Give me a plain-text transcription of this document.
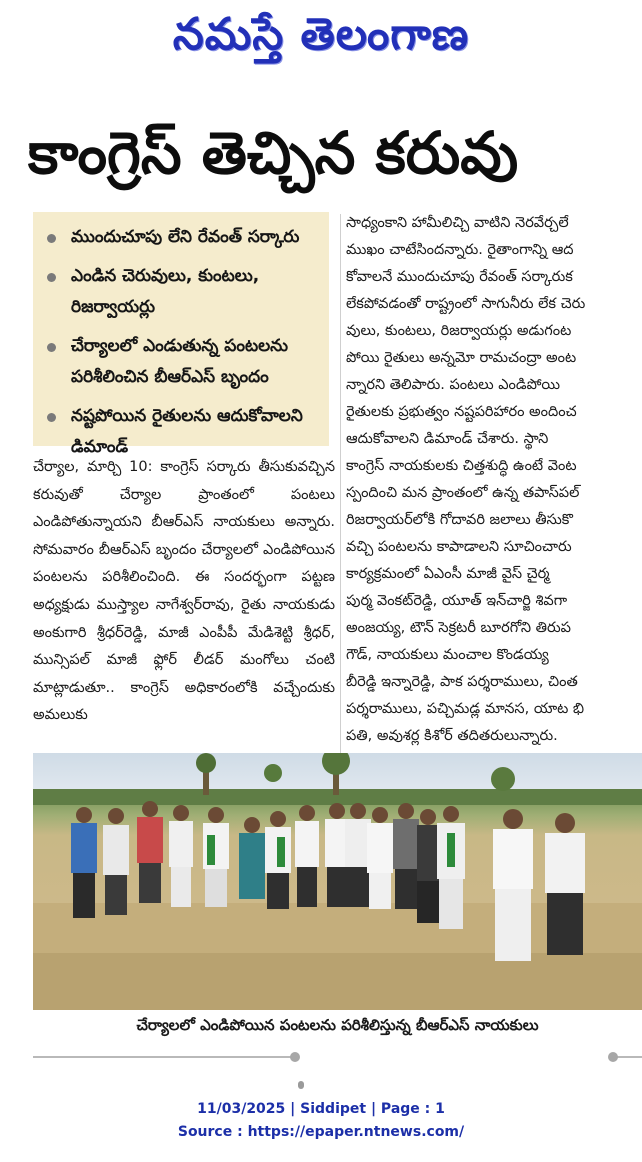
నమస్తే తెలంగాణ
కాంగ్రెస్ తెచ్చిన కరువు
ముందుచూపు లేని రేవంత్ సర్కారు
ఎండిన చెరువులు, కుంటలు, రిజర్వాయర్లు
చేర్యాలలో ఎండుతున్న పంటలను పరిశీలించిన బీఆర్ఎస్ బృందం
నష్టపోయిన రైతులను ఆదుకోవాలని డిమాండ్
చేర్యాల, మార్చి 10: కాంగ్రెస్ సర్కారు తీసుకువచ్చిన కరువుతో చేర్యాల ప్రాంతంలో పంటలు ఎండిపోతున్నాయని బీఆర్ఎస్ నాయకులు అన్నారు. సోమవారం బీఆర్ఎస్ బృందం చేర్యాలలో ఎండిపోయిన పంటలను పరిశీలించింది. ఈ సందర్భంగా పట్టణ అధ్యక్షుడు ముస్త్యాల నాగేశ్వర్‌రావు, రైతు నాయకుడు అంకుగారి శ్రీధర్‌రెడ్డి, మాజీ ఎంపీపీ మేడిశెట్టి శ్రీధర్, మున్సిపల్ మాజీ ఫ్లోర్ లీడర్ మంగోలు చంటి మాట్లాడుతూ.. కాంగ్రెస్ అధికారంలోకి వచ్చేందుకు అమలుకు

సాధ్యంకాని హామీలిచ్చి వాటిని నెరవేర్చలే

ముఖం చాటేసిందన్నారు. రైతాంగాన్ని ఆద

కోవాలనే ముందుచూపు రేవంత్ సర్కారుక

లేకపోవడంతో రాష్ట్రంలో సాగునీరు లేక చెరు

వులు, కుంటలు, రిజర్వాయర్లు అడుగంట

పోయి రైతులు అన్నమో రామచంద్రా అంట

న్నారని తెలిపారు. పంటలు ఎండిపోయి

రైతులకు ప్రభుత్వం నష్టపరిహారం అందించ

ఆదుకోవాలని డిమాండ్ చేశారు. స్థాని

కాంగ్రెస్ నాయకులకు చిత్తశుద్ధి ఉంటే వెంట

స్పందించి మన ప్రాంతంలో ఉన్న తపాస్‌పల్

రిజర్వాయర్‌లోకి గోదావరి జలాలు తీసుకొ

వచ్చి పంటలను కాపాడాలని సూచించారు

కార్యక్రమంలో ఏఎంసీ మాజీ వైస్ చైర్మ

పుర్మ వెంకట్‌రెడ్డి, యూత్ ఇన్‌చార్జి శివగా

అంజయ్య, టౌన్ సెక్రటరీ బూరగోని తిరుప

గౌడ్, నాయకులు మంచాల కొండయ్య

బీరెడ్డి ఇన్నారెడ్డి, పాక పర్శరాములు, చింత

పర్శరాములు, పచ్చిమడ్ల మానస, యాట భి

పతి, అవుశర్ల కిశోర్ తదితరులున్నారు.

చేర్యాలలో ఎండిపోయిన పంటలను పరిశీలిస్తున్న బీఆర్ఎస్ నాయకులు
11/03/2025 | Siddipet | Page : 1
Source : https://epaper.ntnews.com/
